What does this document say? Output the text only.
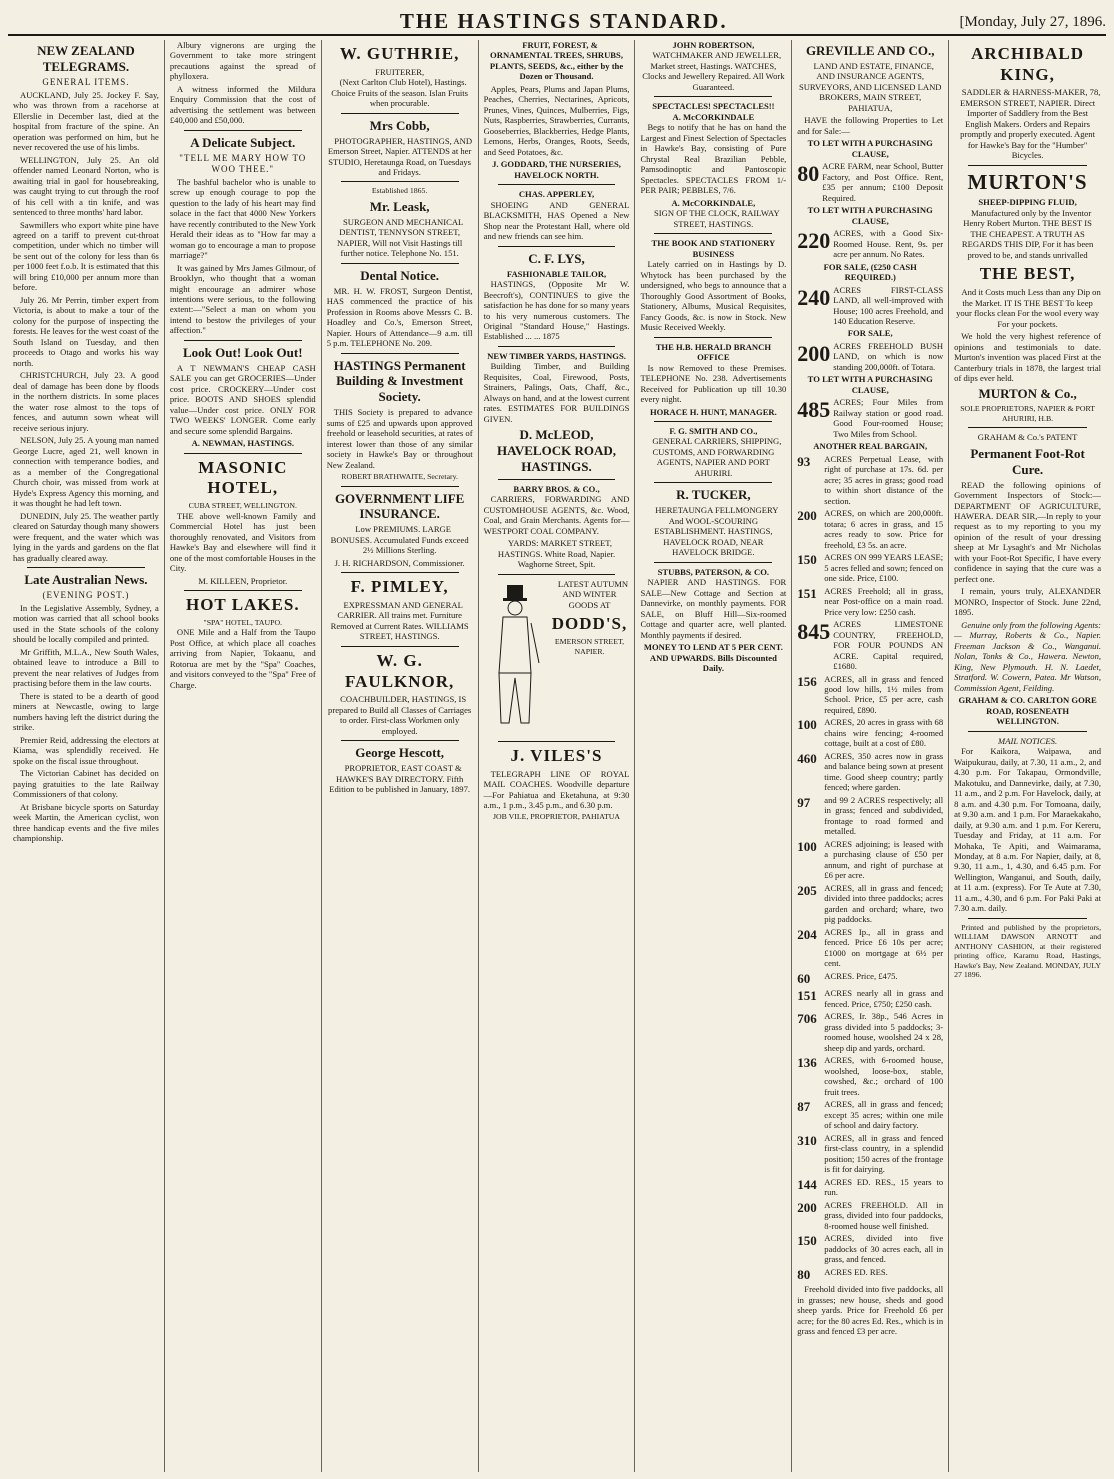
THE HASTINGS STANDARD.	[Monday, July 27, 1896.
NEW ZEALAND TELEGRAMS.
GENERAL ITEMS.

AUCKLAND, July 25. Jockey F. Say, who was thrown from a racehorse at Ellerslie in December last, died at the hospital from fracture of the spine. An operation was performed on him, but he never recovered the use of his limbs.

WELLINGTON, July 25. An old offender named Leonard Norton, who is awaiting trial in gaol for housebreaking, was caught trying to cut through the roof of his cell with a tin knife, and was sentenced to three months' hard labor.

Sawmillers who export white pine have agreed on a tariff to prevent cut-throat competition, under which no timber will be sent out of the colony for less than 6s per 1000 feet f.o.b. It is estimated that this will bring £10,000 per annum more than before.

July 26. Mr Perrin, timber expert from Victoria, is about to make a tour of the colony for the purpose of inspecting the forests. He leaves for the west coast of the South Island on Tuesday, and then proceeds to Otago and works his way north.

CHRISTCHURCH, July 23. A good deal of damage has been done by floods in the northern districts. In some places the water rose almost to the tops of fences, and autumn sown wheat will receive serious injury.

NELSON, July 25. A young man named George Lucre, aged 21, well known in connection with temperance bodies, and as a member of the Congregational Church choir, was missed from work at Hyde's Express Agency this morning, and it was thought he had left town.

DUNEDIN, July 25. The weather partly cleared on Saturday though many showers were frequent, and the water which was lying in the yards and gardens on the flat has gradually cleared away.

Late Australian News.
(EVENING POST.)

In the Legislative Assembly, Sydney, a motion was carried that all school books used in the State schools of the colony should be locally compiled and printed.

Mr Griffith, M.L.A., New South Wales, obtained leave to introduce a Bill to prevent the near relatives of Judges from practising before them in the law courts.

There is stated to be a dearth of good miners at Newcastle, owing to large numbers having left the district during the strike.

Premier Reid, addressing the electors at Kiama, was splendidly received. He spoke on the fiscal issue throughout.

The Victorian Cabinet has decided on paying gratuities to the late Railway Commissioners of that colony.

At Brisbane bicycle sports on Saturday week Martin, the American cyclist, won three handicap events and the five miles championship.

Albury vignerons are urging the Government to take more stringent precautions against the spread of phylloxera.

A witness informed the Mildura Enquiry Commission that the cost of advertising the settlement was between £40,000 and £50,000.

A Delicate Subject.
"TELL ME MARY HOW TO WOO THEE."

The bashful bachelor who is unable to screw up enough courage to pop the question to the lady of his heart may find solace in the fact that 4000 New Yorkers have recently contributed to the New York Herald their ideas as to "How far may a woman go to encourage a man to propose marriage?"

It was gained by Mrs James Gilmour, of Brooklyn, who thought that a woman might encourage an admirer whose intentions were serious, to the following extent:—"Select a man on whom you intend to bestow the privileges of your affection."

Look Out! Look Out!

A T NEWMAN'S CHEAP CASH SALE you can get GROCERIES—Under cost price. CROCKERY—Under cost price. BOOTS AND SHOES splendid value—Under cost price. ONLY FOR TWO WEEKS' LONGER. Come early and secure some splendid Bargains.

A. NEWMAN, HASTINGS.
MASONIC HOTEL,
CUBA STREET, WELLINGTON.

THE above well-known Family and Commercial Hotel has just been thoroughly renovated, and Visitors from Hawke's Bay and elsewhere will find it one of the most comfortable Houses in the City.

M. KILLEEN, Proprietor.
HOT LAKES.
"SPA" HOTEL, TAUPO.

ONE Mile and a Half from the Taupo Post Office, at which place all coaches arriving from Napier, Tokaanu, and Rotorua are met by the "Spa" Coaches, and visitors conveyed to the "Spa" Free of Charge.

W. GUTHRIE,
FRUITERER,

(Next Carlton Club Hotel), Hastings. Choice Fruits of the season. Islan Fruits when procurable.

Mrs Cobb,

PHOTOGRAPHER, HASTINGS, AND Emerson Street, Napier. ATTENDS at her STUDIO, Heretaunga Road, on Tuesdays and Fridays.

Established 1865.
Mr. Leask,

SURGEON AND MECHANICAL DENTIST, TENNYSON STREET, NAPIER, Will not Visit Hastings till further notice. Telephone No. 151.

Dental Notice.

MR. H. W. FROST, Surgeon Dentist, HAS commenced the practice of his Profession in Rooms above Messrs C. B. Hoadley and Co.'s, Emerson Street, Napier. Hours of Attendance—9 a.m. till 5 p.m. TELEPHONE No. 209.

HASTINGS Permanent Building & Investment Society.

THIS Society is prepared to advance sums of £25 and upwards upon approved freehold or leasehold securities, at rates of interest lower than those of any similar society in Hawke's Bay or throughout New Zealand.

ROBERT BRATHWAITE, Secretary.
GOVERNMENT LIFE INSURANCE.

Low PREMIUMS. LARGE BONUSES. Accumulated Funds exceed 2½ Millions Sterling.

J. H. RICHARDSON, Commissioner.
F. PIMLEY,

EXPRESSMAN AND GENERAL CARRIER. All trains met. Furniture Removed at Current Rates. WILLIAMS STREET, HASTINGS.

W. G. FAULKNOR,

COACHBUILDER, HASTINGS, IS prepared to Build all Classes of Carriages to order. First-class Workmen only employed.

George Hescott,

PROPRIETOR, EAST COAST & HAWKE'S BAY DIRECTORY. Fifth Edition to be published in January, 1897.

FRUIT, FOREST, & ORNAMENTAL TREES, SHRUBS, PLANTS, SEEDS, &c., either by the Dozen or Thousand.

Apples, Pears, Plums and Japan Plums, Peaches, Cherries, Nectarines, Apricots, Prunes, Vines, Quinces, Mulberries, Figs, Nuts, Raspberries, Strawberries, Currants, Gooseberries, Blackberries, Hedge Plants, Lemons, Herbs, Oranges, Roots, Seeds, and Seed Potatoes, &c.

J. GODDARD, THE NURSERIES, HAVELOCK NORTH.
CHAS. APPERLEY,

SHOEING AND GENERAL BLACKSMITH, HAS Opened a New Shop near the Protestant Hall, where old and new friends can see him.

C. F. LYS,
FASHIONABLE TAILOR,

HASTINGS, (Opposite Mr W. Beecroft's), CONTINUES to give the satisfaction he has done for so many years to his very numerous customers. The Original "Standard House," Hastings. Established ... ... 1875

NEW TIMBER YARDS, HASTINGS.

Building Timber, and Building Requisites, Coal, Firewood, Posts, Strainers, Palings, Oats, Chaff, &c., Always on hand, and at the lowest current rates. ESTIMATES FOR BUILDINGS GIVEN.

D. McLEOD, HAVELOCK ROAD, HASTINGS.
BARRY BROS. & CO.,

CARRIERS, FORWARDING AND CUSTOMHOUSE AGENTS, &c. Wood, Coal, and Grain Merchants. Agents for— WESTPORT COAL COMPANY.

YARDS: MARKET STREET, HASTINGS. White Road, Napier. Waghorne Street, Spit.

LATEST AUTUMN AND WINTER GOODS AT

DODD'S,
EMERSON STREET, NAPIER.
J. VILES'S

TELEGRAPH LINE OF ROYAL MAIL COACHES. Woodville departure—For Pahiatua and Eketahuna, at 9:30 a.m., 1 p.m., 3.45 p.m., and 6.30 p.m.

JOB VILE, PROPRIETOR, PAHIATUA
JOHN ROBERTSON,

WATCHMAKER AND JEWELLER, Market street, Hastings. WATCHES, Clocks and Jewellery Repaired. All Work Guaranteed.

SPECTACLES! SPECTACLES!!
A. McCORKINDALE

Begs to notify that he has on hand the Largest and Finest Selection of Spectacles in Hawke's Bay, consisting of Pure Chrystal Real Brazilian Pebble, Pamsodinoptic and Pantoscopic Spectacles. SPECTACLES FROM 1/- PER PAIR; PEBBLES, 7/6.

A. McCORKINDALE,

SIGN OF THE CLOCK, RAILWAY STREET, HASTINGS.

THE BOOK AND STATIONERY BUSINESS

Lately carried on in Hastings by D. Whytock has been purchased by the undersigned, who begs to announce that a Thoroughly Good Assortment of Books, Stationery, Albums, Musical Requisites, Fancy Goods, &c. is now in Stock. New Music Received Weekly.

THE H.B. HERALD BRANCH OFFICE

Is now Removed to these Premises. TELEPHONE No. 238. Advertisements Received for Publication up till 10.30 every night.

HORACE H. HUNT, MANAGER.
F. G. SMITH AND CO.,

GENERAL CARRIERS, SHIPPING, CUSTOMS, AND FORWARDING AGENTS, NAPIER AND PORT AHURIRI.

R. TUCKER,

HERETAUNGA FELLMONGERY And WOOL-SCOURING ESTABLISHMENT. HASTINGS, HAVELOCK ROAD, NEAR HAVELOCK BRIDGE.

STUBBS, PATERSON, & CO.

NAPIER AND HASTINGS. FOR SALE—New Cottage and Section at Dannevirke, on monthly payments. FOR SALE, on Bluff Hill—Six-roomed Cottage and quarter acre, well planted. Monthly payments if desired.

MONEY TO LEND AT 5 PER CENT. AND UPWARDS. Bills Discounted Daily.
GREVILLE AND CO.,

LAND AND ESTATE, FINANCE, AND INSURANCE AGENTS, SURVEYORS, AND LICENSED LAND BROKERS, MAIN STREET, PAHIATUA,

HAVE the following Properties to Let and for Sale:—

TO LET WITH A PURCHASING CLAUSE,
80 ACRE FARM, near School, Butter Factory, and Post Office. Rent, £35 per annum; £100 Deposit Required.
TO LET WITH A PURCHASING CLAUSE,
220 ACRES, with a Good Six-Roomed House. Rent, 9s. per acre per annum. No Rates.
FOR SALE, (£250 CASH REQUIRED.)
240 ACRES FIRST-CLASS LAND, all well-improved with House; 100 acres Freehold, and 140 Education Reserve.
FOR SALE,
200 ACRES FREEHOLD BUSH LAND, on which is now standing 200,000ft. of Totara.
TO LET WITH A PURCHASING CLAUSE,
485 ACRES; Four Miles from Railway station or good road. Good Four-roomed House; Two Miles from School.
ANOTHER REAL BARGAIN,
93	ACRES Perpetual Lease, with right of purchase at 17s. 6d. per acre; 35 acres in grass; good road to within short distance of the section.
200 ACRES, on which are 200,000ft. totara; 6 acres in grass, and 15 acres ready to sow. Price for freehold, £3 5s. an acre.
150 ACRES ON 999 YEARS LEASE; 5 acres felled and sown; fenced on one side. Price, £100.
151 ACRES Freehold; all in grass, near Post-office on a main road. Price very low: £250 cash.
845 ACRES LIMESTONE COUNTRY, FREEHOLD, FOR FOUR POUNDS AN ACRE. Capital required, £1680.
156 ACRES, all in grass and fenced good low hills, 1½ miles from School. Price, £5 per acre, cash required, £890.
100 ACRES, 20 acres in grass with 68 chains wire fencing; 4-roomed cottage, built at a cost of £80.
460 ACRES, 350 acres now in grass and balance being sown at present time. Good sheep country; partly fenced; where garden.
97	and 99 2 ACRES respectively; all in grass; fenced and subdivided, frontage to road formed and metalled.
100 ACRES adjoining; is leased with a purchasing clause of £50 per annum, and right of purchase at £6 per acre.
205 ACRES, all in grass and fenced; divided into three paddocks; acres garden and orchard; whare, two pig paddocks.
204 ACRES Ip., all in grass and fenced. Price £6 10s per acre; £1000 on mortgage at 6½ per cent.
60	ACRES. Price, £475.
151 ACRES nearly all in grass and fenced. Price, £750; £250 cash.
706 ACRES, Ir. 38p., 546 Acres in grass divided into 5 paddocks; 3-roomed house, woolshed 24 x 28, sheep dip and yards, orchard.
136 ACRES, with 6-roomed house, woolshed, loose-box, stable, cowshed, &c.; orchard of 100 fruit trees.
87	ACRES, all in grass and fenced; except 35 acres; within one mile of school and dairy factory.
310 ACRES, all in grass and fenced first-class country, in a splendid position; 150 acres of the frontage is fit for dairying.
144 ACRES ED. RES., 15 years to run.
200 ACRES FREEHOLD. All in grass, divided into four paddocks, 8-roomed house well finished.
150 ACRES, divided into five paddocks of 30 acres each, all in grass, and fenced.
80	ACRES ED. RES.

Freehold divided into five paddocks, all in grasses; new house, sheds and good sheep yards. Price for Freehold £6 per acre; for the 80 acres Ed. Res., which is in grass and fenced £3 per acre.

ARCHIBALD KING,

SADDLER & HARNESS-MAKER, 78, EMERSON STREET, NAPIER. Direct Importer of Saddlery from the Best English Makers. Orders and Repairs promptly and properly executed. Agent for Hawke's Bay for the "Humber" Bicycles.

MURTON'S
SHEEP-DIPPING FLUID,

Manufactured only by the Inventor Henry Robert Murton. THE BEST IS THE CHEAPEST. A TRUTH AS REGARDS THIS DIP, For it has been proved to be, and stands unrivalled

THE BEST,

And it Costs much Less than any Dip on the Market. IT IS THE BEST To keep your flocks clean For the wool every way For your pockets.

We hold the very highest reference of opinions and testimonials to date. Murton's invention was placed First at the Canterbury trials in 1878, the largest trial of dips ever held.

MURTON & Co.,
SOLE PROPRIETORS, NAPIER & PORT AHURIRI, H.B.
GRAHAM & Co.'s PATENT
Permanent Foot-Rot Cure.

READ the following opinions of Government Inspectors of Stock:— DEPARTMENT OF AGRICULTURE, HAWERA. DEAR SIR,—In reply to your request as to my reporting to you my opinion of the result of your dressing sheep at Mr Lysaght's and Mr Nicholas with your Foot-Rot Specific, I have every confidence in saying that the cure was a perfect one.

I remain, yours truly, ALEXANDER MONRO, Inspector of Stock. June 22nd, 1895.

Genuine only from the following Agents:— Murray, Roberts & Co., Napier. Freeman Jackson & Co., Wanganui. Nolan, Tonks & Co., Hawera. Newton, King, New Plymouth. H. N. Laedet, Stratford. W. Cowern, Patea. Mr Watson, Commission Agent, Feilding.

GRAHAM & CO. CARLTON GORE ROAD, ROSENEATH WELLINGTON.
MAIL NOTICES.

For Kaikora, Waipawa, and Waipukurau, daily, at 7.30, 11 a.m., 2, and 4.30 p.m. For Takapau, Ormondville, Makotuku, and Dannevirke, daily, at 7.30, 11 a.m., and 2 p.m. For Havelock, daily, at 8 a.m. and 4.30 p.m. For Tomoana, daily, at 9.30 a.m. and 1 p.m. For Maraekakaho, daily, at 9.30 a.m. and 1 p.m. For Kereru, Tuesday and Friday, at 11 a.m. For Mohaka, Te Apiti, and Waimarama, Monday, at 8 a.m. For Napier, daily, at 8, 9.30, 11 a.m., 1, 4.30, and 6.45 p.m. For Wellington, Wanganui, and South, daily, at 11 a.m. (express). For Te Aute at 7.30, 11 a.m., 4.30, and 6 p.m. For Paki Paki at 7.30 a.m. daily.

Printed and published by the proprietors, WILLIAM DAWSON ARNOTT and ANTHONY CASHION, at their registered printing office, Karamu Road, Hastings, Hawke's Bay, New Zealand. MONDAY, JULY 27 1896.
